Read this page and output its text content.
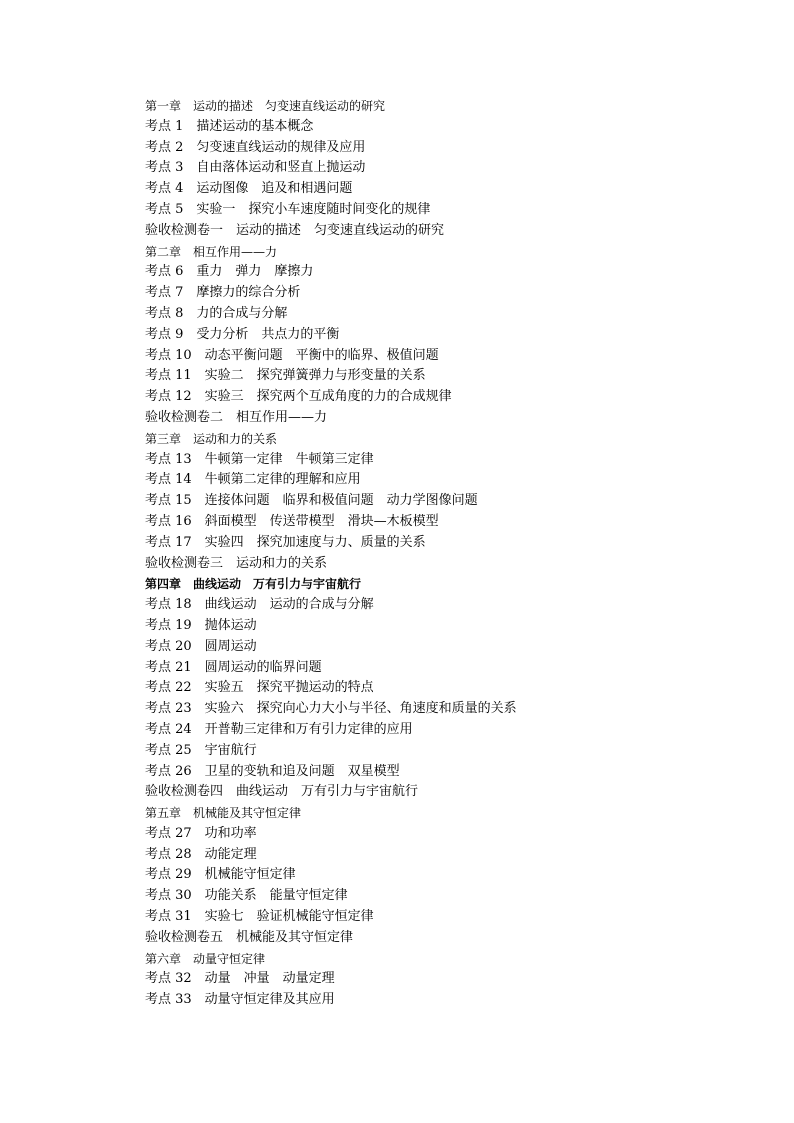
第一章　运动的描述　匀变速直线运动的研究
考点 1　描述运动的基本概念
考点 2　匀变速直线运动的规律及应用
考点 3　自由落体运动和竖直上抛运动
考点 4　运动图像　追及和相遇问题
考点 5　实验一　探究小车速度随时间变化的规律
验收检测卷一　运动的描述　匀变速直线运动的研究
第二章　相互作用——力
考点 6　重力　弹力　摩擦力
考点 7　摩擦力的综合分析
考点 8　力的合成与分解
考点 9　受力分析　共点力的平衡
考点 10　动态平衡问题　平衡中的临界、极值问题
考点 11　实验二　探究弹簧弹力与形变量的关系
考点 12　实验三　探究两个互成角度的力的合成规律
验收检测卷二　相互作用——力
第三章　运动和力的关系
考点 13　牛顿第一定律　牛顿第三定律
考点 14　牛顿第二定律的理解和应用
考点 15　连接体问题　临界和极值问题　动力学图像问题
考点 16　斜面模型　传送带模型　滑块—木板模型
考点 17　实验四　探究加速度与力、质量的关系
验收检测卷三　运动和力的关系
第四章　曲线运动　万有引力与宇宙航行
考点 18　曲线运动　运动的合成与分解
考点 19　抛体运动
考点 20　圆周运动
考点 21　圆周运动的临界问题
考点 22　实验五　探究平抛运动的特点
考点 23　实验六　探究向心力大小与半径、角速度和质量的关系
考点 24　开普勒三定律和万有引力定律的应用
考点 25　宇宙航行
考点 26　卫星的变轨和追及问题　双星模型
验收检测卷四　曲线运动　万有引力与宇宙航行
第五章　机械能及其守恒定律
考点 27　功和功率
考点 28　动能定理
考点 29　机械能守恒定律
考点 30　功能关系　能量守恒定律
考点 31　实验七　验证机械能守恒定律
验收检测卷五　机械能及其守恒定律
第六章　动量守恒定律
考点 32　动量　冲量　动量定理
考点 33　动量守恒定律及其应用
